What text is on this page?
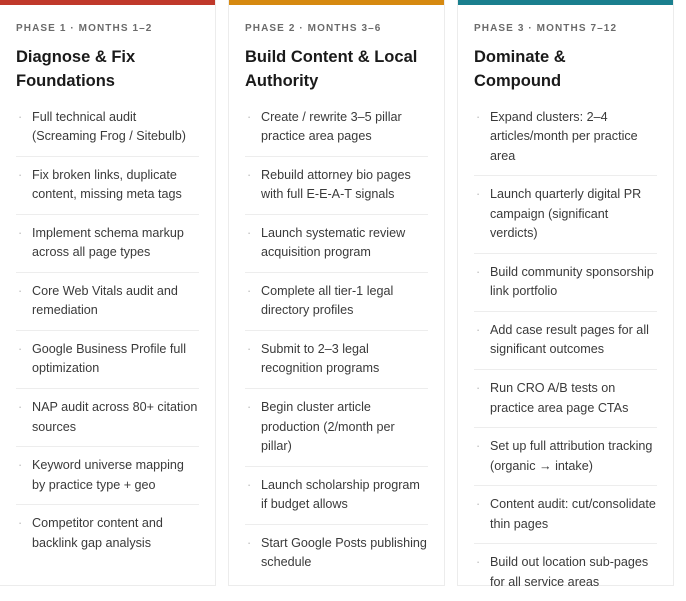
PHASE 1 · MONTHS 1–2
Diagnose & Fix Foundations
· Full technical audit (Screaming Frog / Sitebulb)
· Fix broken links, duplicate content, missing meta tags
· Implement schema markup across all page types
· Core Web Vitals audit and remediation
· Google Business Profile full optimization
· NAP audit across 80+ citation sources
· Keyword universe mapping by practice type + geo
· Competitor content and backlink gap analysis
PHASE 2 · MONTHS 3–6
Build Content & Local Authority
· Create / rewrite 3–5 pillar practice area pages
· Rebuild attorney bio pages with full E-E-A-T signals
· Launch systematic review acquisition program
· Complete all tier-1 legal directory profiles
· Submit to 2–3 legal recognition programs
· Begin cluster article production (2/month per pillar)
· Launch scholarship program if budget allows
· Start Google Posts publishing schedule
PHASE 3 · MONTHS 7–12
Dominate & Compound
· Expand clusters: 2–4 articles/month per practice area
· Launch quarterly digital PR campaign (significant verdicts)
· Build community sponsorship link portfolio
· Add case result pages for all significant outcomes
· Run CRO A/B tests on practice area page CTAs
· Set up full attribution tracking (organic → intake)
· Content audit: cut/consolidate thin pages
· Build out location sub-pages for all service areas
